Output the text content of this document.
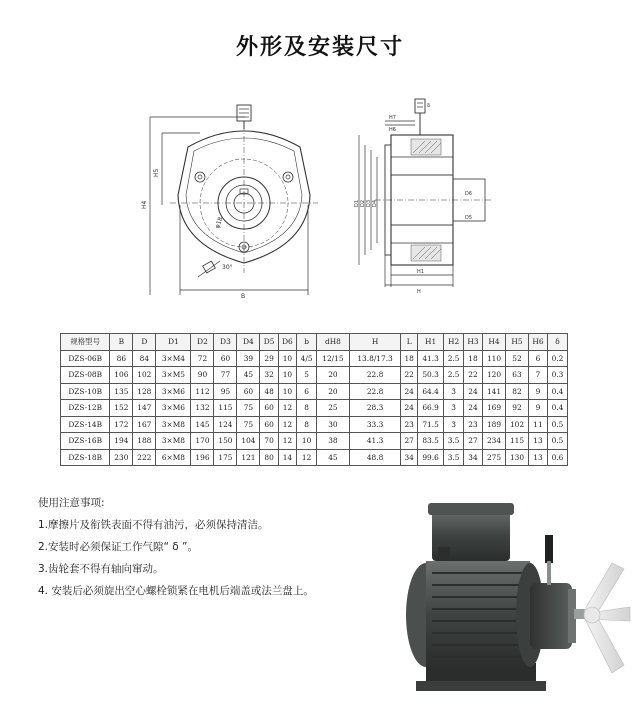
外形及安装尺寸
H4
H5
B
φ18
30°
D1 D2 D3 D4
D6
D5
H7
H6
δ
H1
H
规格型号	B	D	D1	D2	D3	D4	D5	D6	b	dH8	H	L	H1	H2	H3	H4	H5	H6	δ
DZS-06B	86	84	3×M4	72	60	39	29	10	4/5	12/15	13.8/17.3	18	41.3	2.5	18	110	52	6	0.2
DZS-08B	106	102	3×M5	90	77	45	32	10	5	20	22.8	22	50.3	2.5	22	120	63	7	0.3
DZS-10B	135	128	3×M6	112	95	60	48	10	6	20	22.8	24	64.4	3	24	141	82	9	0.4
DZS-12B	152	147	3×M6	132	115	75	60	12	8	25	28.3	24	66.9	3	24	169	92	9	0.4
DZS-14B	172	167	3×M8	145	124	75	60	12	8	30	33.3	23	71.5	3	23	189	102	11	0.5
DZS-16B	194	188	3×M8	170	150	104	70	12	10	38	41.3	27	83.5	3.5	27	234	115	13	0.5
DZS-18B	230	222	6×M8	196	175	121	80	14	12	45	48.8	34	99.6	3.5	34	275	130	13	0.6
使用注意事项:
1.摩擦片及衔铁表面不得有油污，必须保持清洁。
2.安装时必须保证工作气隙“ δ ”。
3.齿轮套不得有轴向窜动。
4. 安装后必须旋出空心螺栓锁紧在电机后端盖或法兰盘上。
